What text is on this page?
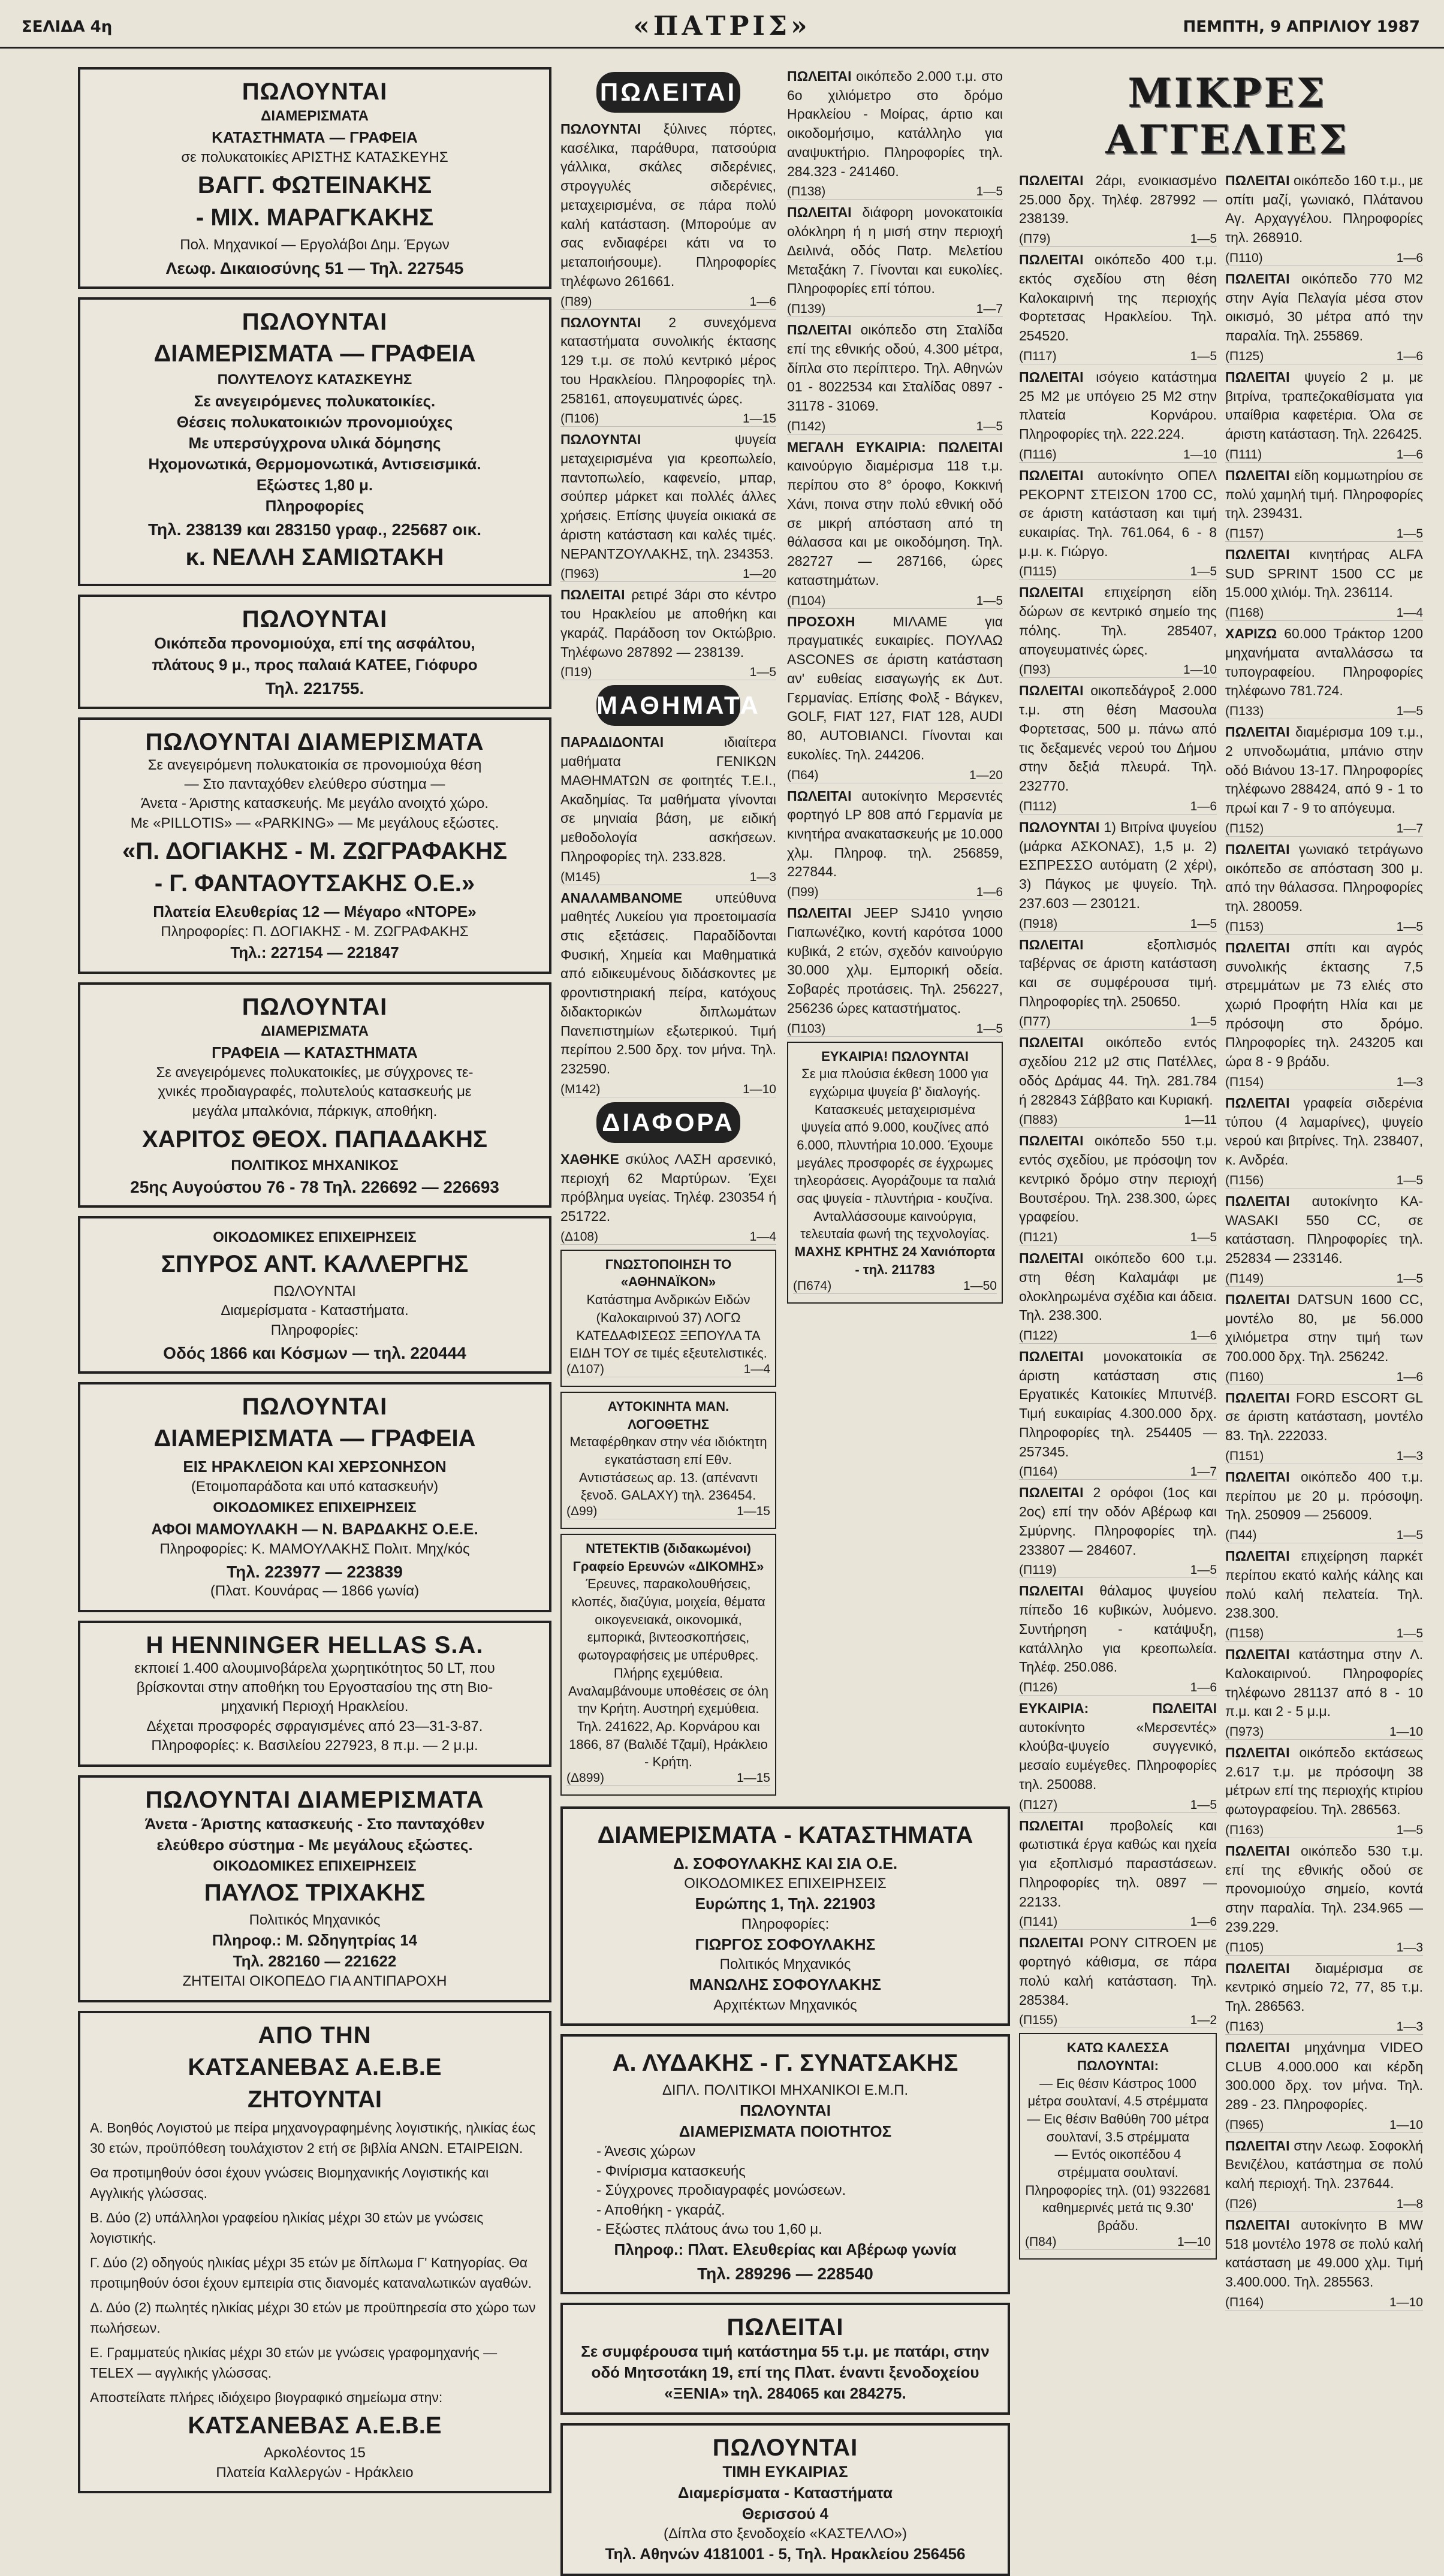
ΣΕΛΙΔΑ 4η	«ΠΑΤΡΙΣ»	ΠΕΜΠΤΗ, 9 ΑΠΡΙΛΙΟΥ 1987
ΠΩΛΟΥΝΤΑΙ
ΔΙΑΜΕΡΙΣΜΑΤΑ
ΚΑΤΑΣΤΗΜΑΤΑ — ΓΡΑΦΕΙΑ
σε πολυκατοικίες ΑΡΙΣΤΗΣ ΚΑΤΑΣΚΕΥΗΣ
ΒΑΓΓ. ΦΩΤΕΙΝΑΚΗΣ
- ΜΙΧ. ΜΑΡΑΓΚΑΚΗΣ
Πολ. Μηχανικοί — Εργολάβοι Δημ. Έργων
Λεωφ. Δικαιοσύνης 51 — Τηλ. 227545
ΠΩΛΟΥΝΤΑΙ
ΔΙΑΜΕΡΙΣΜΑΤΑ — ΓΡΑΦΕΙΑ
ΠΟΛΥΤΕΛΟΥΣ ΚΑΤΑΣΚΕΥΗΣ
Σε ανεγειρόμενες πολυκατοικίες.
Θέσεις πολυκατοικιών προνομιούχες
Με υπερσύγχρονα υλικά δόμησης
Ηχομονωτικά, Θερμομονωτικά, Αντισεισμικά.
Εξώστες 1,80 μ.
Πληροφορίες
Τηλ. 238139 και 283150 γραφ., 225687 οικ.
κ. ΝΕΛΛΗ ΣΑΜΙΩΤΑΚΗ
ΠΩΛΟΥΝΤΑΙ
Οικόπεδα προνομιούχα, επί της ασφάλτου,
πλάτους 9 μ., προς παλαιά ΚΑΤΕΕ, Γιόφυρο
Τηλ. 221755.
ΠΩΛΟΥΝΤΑΙ ΔΙΑΜΕΡΙΣΜΑΤΑ
Σε ανεγειρόμενη πολυκατοικία σε προνομιούχα θέση
— Στο πανταχόθεν ελεύθερο σύστημα —
Άνετα - Άριστης κατασκευής. Με μεγάλο ανοιχτό χώρο.
Με «PILLOTIS» — «PARKING» — Με μεγάλους εξώστες.
«Π. ΔΟΓΙΑΚΗΣ - Μ. ΖΩΓΡΑΦΑΚΗΣ
- Γ. ΦΑΝΤΑΟΥΤΣΑΚΗΣ Ο.Ε.»
Πλατεία Ελευθερίας 12 — Μέγαρο «ΝΤΟΡΕ»
Πληροφορίες: Π. ΔΟΓΙΑΚΗΣ - Μ. ΖΩΓΡΑΦΑΚΗΣ
Τηλ.: 227154 — 221847
ΠΩΛΟΥΝΤΑΙ
ΔΙΑΜΕΡΙΣΜΑΤΑ
ΓΡΑΦΕΙΑ — ΚΑΤΑΣΤΗΜΑΤΑ
Σε ανεγειρόμενες πολυκατοικίες, με σύγχρονες τε-
χνικές προδιαγραφές, πολυτελούς κατασκευής με
μεγάλα μπαλκόνια, πάρκιγκ, αποθήκη.
ΧΑΡΙΤΟΣ ΘΕΟΧ. ΠΑΠΑΔΑΚΗΣ
ΠΟΛΙΤΙΚΟΣ ΜΗΧΑΝΙΚΟΣ
25ης Αυγούστου 76 - 78 Τηλ. 226692 — 226693
ΟΙΚΟΔΟΜΙΚΕΣ ΕΠΙΧΕΙΡΗΣΕΙΣ
ΣΠΥΡΟΣ ΑΝΤ. ΚΑΛΛΕΡΓΗΣ
ΠΩΛΟΥΝΤΑΙ
Διαμερίσματα - Καταστήματα.
Πληροφορίες:
Οδός 1866 και Κόσμων — τηλ. 220444
ΠΩΛΟΥΝΤΑΙ
ΔΙΑΜΕΡΙΣΜΑΤΑ — ΓΡΑΦΕΙΑ
ΕΙΣ ΗΡΑΚΛΕΙΟΝ ΚΑΙ ΧΕΡΣΟΝΗΣΟΝ
(Ετοιμοπαράδοτα και υπό κατασκευήν)
ΟΙΚΟΔΟΜΙΚΕΣ ΕΠΙΧΕΙΡΗΣΕΙΣ
ΑΦΟΙ ΜΑΜΟΥΛΑΚΗ — Ν. ΒΑΡΔΑΚΗΣ Ο.Ε.Ε.
Πληροφορίες: Κ. ΜΑΜΟΥΛΑΚΗΣ Πολιτ. Μηχ/κός
Τηλ. 223977 — 223839
(Πλατ. Κουνάρας — 1866 γωνία)
Η HENNINGER HELLAS S.A.
εκποιεί 1.400 αλουμινοβάρελα χωρητικότητος 50 LT, που
βρίσκονται στην αποθήκη του Εργοστασίου της στη Βιο-
μηχανική Περιοχή Ηρακλείου.
Δέχεται προσφορές σφραγισμένες από 23—31-3-87.
Πληροφορίες: κ. Βασιλείου 227923, 8 π.μ. — 2 μ.μ.
ΠΩΛΟΥΝΤΑΙ ΔΙΑΜΕΡΙΣΜΑΤΑ
Άνετα - Άριστης κατασκευής - Στο πανταχόθεν
ελεύθερο σύστημα - Με μεγάλους εξώστες.
ΟΙΚΟΔΟΜΙΚΕΣ ΕΠΙΧΕΙΡΗΣΕΙΣ
ΠΑΥΛΟΣ ΤΡΙΧΑΚΗΣ
Πολιτικός Μηχανικός
Πληροφ.: Μ. Ωδηγητρίας 14
Τηλ. 282160 — 221622
ΖΗΤΕΙΤΑΙ ΟΙΚΟΠΕΔΟ ΓΙΑ ΑΝΤΙΠΑΡΟΧΗ
ΑΠΟ ΤΗΝ
ΚΑΤΣΑΝΕΒΑΣ Α.Ε.Β.Ε
ΖΗΤΟΥΝΤΑΙ
Α. Βοηθός Λογιστού με πείρα μηχανογραφημένης λογιστικής, ηλικίας έως 30 ετών, προϋπόθεση τουλάχιστον 2 ετή σε βιβλία ΑΝΩΝ. ΕΤΑΙΡΕΙΩΝ.
Θα προτιμηθούν όσοι έχουν γνώσεις Βιομηχανικής Λογιστικής και Αγγλικής γλώσσας.
Β. Δύο (2) υπάλληλοι γραφείου ηλικίας μέχρι 30 ετών με γνώσεις λογιστικής.
Γ. Δύο (2) οδηγούς ηλικίας μέχρι 35 ετών με δίπλωμα Γ' Κατηγορίας. Θα προτιμηθούν όσοι έχουν εμπειρία στις διανομές καταναλωτικών αγαθών.
Δ. Δύο (2) πωλητές ηλικίας μέχρι 30 ετών με προϋπηρεσία στο χώρο των πωλήσεων.
Ε. Γραμματεύς ηλικίας μέχρι 30 ετών με γνώσεις γραφομηχανής — TELEX — αγγλικής γλώσσας.
Αποστείλατε πλήρες ιδιόχειρο βιογραφικό σημείωμα στην:
ΚΑΤΣΑΝΕΒΑΣ Α.Ε.Β.Ε
Αρκολέοντος 15
Πλατεία Καλλεργών - Ηράκλειο
ΠΩΛΕΙΤΑΙ
ΠΩΛΟΥΝΤΑΙ ξύλινες πόρτες, κασέλικα, παράθυρα, πατσούρια γάλλικα, σκάλες σιδερένιες, στρογγυλές σιδερένιες, μεταχειρισμένα, σε πάρα πολύ καλή κατάσταση. (Μπορούμε αν σας ενδιαφέρει κάτι να το μεταποιήσουμε). Πληροφορίες τηλέφωνο 261661.
(Π89)	1—6
ΠΩΛΟΥΝΤΑΙ 2 συνεχόμενα καταστήματα συνολικής έκτασης 129 τ.μ. σε πολύ κεντρικό μέρος του Ηρακλείου. Πληροφορίες τηλ. 258161, απογευματινές ώρες.
(Π106)	1—15
ΠΩΛΟΥΝΤΑΙ	ψυγεία μεταχειρισμένα για κρεοπωλείο, παντοπωλείο, καφενείο, μπαρ, σούπερ μάρκετ και πολλές άλλες χρήσεις. Επίσης ψυγεία οικιακά σε άριστη κατάσταση και καλές τιμές. ΝΕΡΑΝΤΖΟΥΛΑΚΗΣ, τηλ. 234353.
(Π963)	1—20
ΠΩΛΕΙΤΑΙ ρετιρέ 3άρι στο κέντρο του Ηρακλείου με αποθήκη και γκαράζ. Παράδοση τον Οκτώβριο. Τηλέφωνο 287892 — 238139.
(Π19)	1—5
ΜΑΘΗΜΑΤΑ
ΠΑΡΑΔΙΔΟΝΤΑΙ	ιδιαίτερα μαθήματα ΓΕΝΙΚΩΝ ΜΑΘΗΜΑΤΩΝ σε φοιτητές Τ.Ε.Ι., Ακαδημίας. Τα μαθήματα γίνονται σε μηνιαία βάση, με ειδική μεθοδολογία ασκήσεων. Πληροφορίες τηλ. 233.828.
(Μ145)	1—3
ΑΝΑΛΑΜΒΑΝΟΜΕ υπεύθυνα μαθητές Λυκείου για προετοιμασία στις εξετάσεις. Παραδίδονται Φυσική, Χημεία και Μαθηματικά από ειδικευμένους διδάσκοντες με φροντιστηριακή πείρα, κατόχους διδακτορικών διπλωμάτων Πανεπιστημίων εξωτερικού. Τιμή περίπου 2.500 δρχ. τον μήνα. Τηλ. 232590.
(Μ142)	1—10
ΔΙΑΦΟΡΑ
ΧΑΘΗΚΕ σκύλος ΛΑΣΗ αρσενικό, περιοχή 62 Μαρτύρων. Έχει πρόβλημα υγείας. Τηλέφ. 230354 ή 251722.
(Δ108)	1—4
ΓΝΩΣΤΟΠΟΙΗΣΗ ΤΟ «ΑΘΗΝΑΪΚΟΝ»
Κατάστημα Ανδρικών Ειδών (Καλοκαιρινού 37) ΛΟΓΩ ΚΑΤΕΔΑΦΙΣΕΩΣ ΞΕΠΟΥΛΑ ΤΑ ΕΙΔΗ ΤΟΥ σε τιμές εξευτελιστικές.
(Δ107)	1—4
ΑΥΤΟΚΙΝΗΤΑ ΜΑΝ. ΛΟΓΟΘΕΤΗΣ
Μεταφέρθηκαν στην νέα ιδιόκτητη εγκατάσταση επί Εθν. Αντιστάσεως αρ. 13. (απέναντι ξενοδ. GALAXY) τηλ. 236454.
(Δ99)	1—15
ΝΤΕΤΕΚΤΙΒ (διδακωμένοι) Γραφείο Ερευνών «ΔΙΚΟΜΗΣ»
Έρευνες, παρακολουθήσεις, κλοπές, διαζύγια, μοιχεία, θέματα οικογενειακά, οικονομικά, εμπορικά, βιντεοσκοπήσεις, φωτογραφήσεις με υπέρυθρες. Πλήρης εχεμύθεια. Αναλαμβάνουμε υποθέσεις σε όλη την Κρήτη. Αυστηρή εχεμύθεια. Τηλ. 241622, Αρ. Κορνάρου και 1866, 87 (Βαλιδέ Τζαμί), Ηράκλειο - Κρήτη.
(Δ899)	1—15
ΠΩΛΕΙΤΑΙ οικόπεδο 2.000 τ.μ. στο 6ο χιλιόμετρο στο δρόμο Ηρακλείου - Μοίρας, άρτιο και οικοδομήσιμο, κατάλληλο για αναψυκτήριο. Πληροφορίες τηλ. 284.323 - 241460.
(Π138)	1—5
ΠΩΛΕΙΤΑΙ διάφορη μονοκατοικία ολόκληρη ή η μισή στην περιοχή Δειλινά, οδός Πατρ. Μελετίου Μεταξάκη 7. Γίνονται και ευκολίες. Πληροφορίες επί τόπου.
(Π139)	1—7
ΠΩΛΕΙΤΑΙ οικόπεδο στη Σταλίδα επί της εθνικής οδού, 4.300 μέτρα, δίπλα στο περίπτερο. Τηλ. Αθηνών 01 - 8022534 και Σταλίδας 0897 - 31178 - 31069.
(Π142)	1—5
ΜΕΓΑΛΗ ΕΥΚΑΙΡΙΑ: ΠΩΛΕΙΤΑΙ καινούργιο διαμέρισμα 118 τ.μ. περίπου στο 8° όροφο, Κοκκινή Χάνι, ποινα στην πολύ εθνική οδό σε μικρή απόσταση από τη θάλασσα και με οικοδόμηση. Τηλ. 282727 — 287166, ώρες καταστημάτων.
(Π104)	1—5
ΠΡΟΣΟΧΗ	ΜΙΛΑΜΕ για πραγματικές ευκαιρίες. ΠΟΥΛΑΩ ASCONES σε άριστη κατάσταση αν' ευθείας εισαγωγής εκ Δυτ. Γερμανίας. Επίσης Φολξ - Βάγκεν, GOLF, FIAT 127, FIAT 128, AUDI 80, AUTOBIANCI. Γίνονται και ευκολίες. Τηλ. 244206.
(Π64)	1—20
ΠΩΛΕΙΤΑΙ αυτοκίνητο Μερσεντές φορτηγό LP 808 από Γερμανία με κινητήρα ανακατασκευής με 10.000 χλμ. Πληροφ. τηλ. 256859, 227844.
(Π99)	1—6
ΠΩΛΕΙΤΑΙ JEEP SJ410 γνησιο Γιαπωνέζικο, κοντή καρότσα 1000 κυβικά, 2 ετών, σχεδόν καινούργιο 30.000 χλμ. Εμπορική οδεία. Σοβαρές προτάσεις. Τηλ. 256227, 256236 ώρες καταστήματος.
(Π103)	1—5
ΕΥΚΑΙΡΙΑ! ΠΩΛΟΥΝΤΑΙ
Σε μια πλούσια έκθεση 1000 για εγχώριμα ψυγεία β' διαλογής. Κατασκευές μεταχειρισμένα ψυγεία από 9.000, κουζίνες από 6.000, πλυντήρια 10.000. Έχουμε μεγάλες προσφορές σε έγχρωμες τηλεοράσεις. Αγοράζουμε τα παλιά σας ψυγεία - πλυντήρια - κουζίνα. Ανταλλάσσουμε καινούργια, τελευταία φωνή της τεχνολογίας.
ΜΑΧΗΣ ΚΡΗΤΗΣ 24 Χανιόπορτα - τηλ. 211783
(Π674)	1—50
ΔΙΑΜΕΡΙΣΜΑΤΑ - ΚΑΤΑΣΤΗΜΑΤΑ
Δ. ΣΟΦΟΥΛΑΚΗΣ ΚΑΙ ΣΙΑ Ο.Ε.
ΟΙΚΟΔΟΜΙΚΕΣ ΕΠΙΧΕΙΡΗΣΕΙΣ
Ευρώπης 1, Τηλ. 221903
Πληροφορίες:
ΓΙΩΡΓΟΣ ΣΟΦΟΥΛΑΚΗΣ
Πολιτικός Μηχανικός
ΜΑΝΩΛΗΣ ΣΟΦΟΥΛΑΚΗΣ
Αρχιτέκτων Μηχανικός
Α. ΛΥΔΑΚΗΣ - Γ. ΣΥΝΑΤΣΑΚΗΣ
ΔΙΠΛ. ΠΟΛΙΤΙΚΟΙ ΜΗΧΑΝΙΚΟΙ Ε.Μ.Π.
ΠΩΛΟΥΝΤΑΙ
ΔΙΑΜΕΡΙΣΜΑΤΑ ΠΟΙΟΤΗΤΟΣ
- Άνεσις χώρων
- Φινίρισμα κατασκευής
- Σύγχρονες προδιαγραφές μονώσεων.
- Αποθήκη - γκαράζ.
- Εξώστες πλάτους άνω του 1,60 μ.
Πληροφ.: Πλατ. Ελευθερίας και Αβέρωφ γωνία
Τηλ. 289296 — 228540
ΠΩΛΕΙΤΑΙ
Σε συμφέρουσα τιμή κατάστημα 55 τ.μ. με πατάρι, στην οδό Μητσοτάκη 19, επί της Πλατ. έναντι ξενοδοχείου «ΞΕΝΙΑ» τηλ. 284065 και 284275.
ΠΩΛΟΥΝΤΑΙ
ΤΙΜΗ ΕΥΚΑΙΡΙΑΣ
Διαμερίσματα - Καταστήματα
Θερισσού 4
(Δίπλα στο ξενοδοχείο «ΚΑΣΤΕΛΛΟ»)
Τηλ. Αθηνών 4181001 - 5, Τηλ. Ηρακλείου 256456
ΜΙΚΡΕΣ ΑΓΓΕΛΙΕΣ
ΠΩΛΕΙΤΑΙ 2άρι, ενοικιασμένο 25.000 δρχ. Τηλέφ. 287992 — 238139.
(Π79)	1—5
ΠΩΛΕΙΤΑΙ οικόπεδο 400 τ.μ. εκτός σχεδίου στη θέση Καλοκαιρινή της περιοχής Φορτετσας Ηρακλείου. Τηλ. 254520.
(Π117)	1—5
ΠΩΛΕΙΤΑΙ ισόγειο κατάστημα 25 Μ2 με υπόγειο 25 Μ2 στην πλατεία Κορνάρου. Πληροφορίες τηλ. 222.224.
(Π116)	1—10
ΠΩΛΕΙΤΑΙ αυτοκίνητο ΟΠΕΛ ΡΕΚΟΡΝΤ ΣΤΕΙΣΟΝ 1700 CC, σε άριστη κατάσταση και τιμή ευκαιρίας. Τηλ. 761.064, 6 - 8 μ.μ. κ. Γιώργο.
(Π115)	1—5
ΠΩΛΕΙΤΑΙ επιχείρηση είδη δώρων σε κεντρικό σημείο της πόλης. Τηλ. 285407, απογευματινές ώρες.
(Π93)	1—10
ΠΩΛΕΙΤΑΙ οικοπεδάγροξ 2.000 τ.μ. στη θέση Μασουλα Φορτετσας, 500 μ. πάνω από τις δεξαμενές νερού του Δήμου στην δεξιά πλευρά. Τηλ. 232770.
(Π112)	1—6
ΠΩΛΟΥΝΤΑΙ 1) Βιτρίνα ψυγείου (μάρκα ΑΣΚΟΝΑΣ), 1,5 μ. 2) ΕΣΠΡΕΣΣΟ αυτόματη (2 χέρι), 3) Πάγκος με ψυγείο. Τηλ. 237.603 — 230121.
(Π918)	1—5
ΠΩΛΕΙΤΑΙ	εξοπλισμός ταβέρνας σε άριστη κατάσταση και σε συμφέρουσα τιμή. Πληροφορίες τηλ. 250650.
(Π77)	1—5
ΠΩΛΕΙΤΑΙ οικόπεδο εντός σχεδίου 212 μ2 στις Πατέλλες, οδός Δράμας 44. Τηλ. 281.784 ή 282843 Σάββατο και Κυριακή.
(Π883)	1—11
ΠΩΛΕΙΤΑΙ οικόπεδο 550 τ.μ. εντός σχεδίου, με πρόσοψη τον κεντρικό δρόμο στην περιοχή Βουτσέρου. Τηλ. 238.300, ώρες γραφείου.
(Π121)	1—5
ΠΩΛΕΙΤΑΙ οικόπεδο 600 τ.μ. στη θέση Καλαμάφι με ολοκληρωμένα σχέδια και άδεια. Τηλ. 238.300.
(Π122)	1—6
ΠΩΛΕΙΤΑΙ μονοκατοικία σε άριστη κατάσταση στις Εργατικές Κατοικίες Μπυτνέβ. Τιμή ευκαιρίας 4.300.000 δρχ. Πληροφορίες τηλ. 254405 — 257345.
(Π164)	1—7
ΠΩΛΕΙΤΑΙ 2 ορόφοι (1ος και 2ος) επί την οδόν Αβέρωφ και Σμύρνης. Πληροφορίες τηλ. 233807 — 284607.
(Π119)	1—5
ΠΩΛΕΙΤΑΙ θάλαμος ψυγείου πίπεδο 16 κυβικών, λυόμενο. Συντήρηση - κατάψυξη, κατάλληλο για κρεοπωλεία. Τηλέφ. 250.086.
(Π126)	1—6
ΕΥΚΑΙΡΙΑ: ΠΩΛΕΙΤΑΙ αυτοκίνητο «Μερσεντές» κλούβα-ψυγείο συγγενικό, μεσαίο ευμέγεθες. Πληροφορίες τηλ. 250088.
(Π127)	1—5
ΠΩΛΕΙΤΑΙ προβολείς και φωτιστικά έργα καθώς και ηχεία για εξοπλισμό παραστάσεων. Πληροφορίες τηλ. 0897 — 22133.
(Π141)	1—6
ΠΩΛΕΙΤΑΙ PONY CITROEN με φορτηγό κάθισμα, σε πάρα πολύ καλή κατάσταση. Τηλ. 285384.
(Π155)	1—2
ΚΑΤΩ ΚΑΛΕΣΣΑ ΠΩΛΟΥΝΤΑΙ:
— Εις θέσιν Κάστρος 1000 μέτρα σουλτανί, 4.5 στρέμματα
— Εις θέσιν Βαθύθη 700 μέτρα σουλτανί, 3.5 στρέμματα
— Εντός οικοπέδου 4 στρέμματα σουλτανί.
Πληροφορίες τηλ. (01) 9322681 καθημερινές μετά τις 9.30' βράδυ.
(Π84)	1—10
ΠΩΛΕΙΤΑΙ οικόπεδο 160 τ.μ., με οπίτι μαζί, γωνιακό, Πλάτανου Αγ. Αρχαγγέλου. Πληροφορίες τηλ. 268910.
(Π110)	1—6
ΠΩΛΕΙΤΑΙ οικόπεδο 770 Μ2 στην Αγία Πελαγία μέσα στον οικισμό, 30 μέτρα από την παραλία. Τηλ. 255869.
(Π125)	1—6
ΠΩΛΕΙΤΑΙ ψυγείο 2 μ. με βιτρίνα, τραπεζοκαθίσματα για υπαίθρια καφετέρια. Όλα σε άριστη κατάσταση. Τηλ. 226425.
(Π111)	1—6
ΠΩΛΕΙΤΑΙ είδη κομμωτηρίου σε πολύ χαμηλή τιμή. Πληροφορίες τηλ. 239431.
(Π157)	1—5
ΠΩΛΕΙΤΑΙ κινητήρας ALFA SUD SPRINT 1500 CC με 15.000 χιλιόμ. Τηλ. 236114.
(Π168)	1—4
ΧΑΡΙΖΩ 60.000 Τράκτορ 1200 μηχανήματα ανταλλάσσω τα τυπογραφείου. Πληροφορίες τηλέφωνο 781.724.
(Π133)	1—5
ΠΩΛΕΙΤΑΙ διαμέρισμα 109 τ.μ., 2 υπνοδωμάτια, μπάνιο στην οδό Βιάνου 13-17. Πληροφορίες τηλέφωνο 288424, από 9 - 1 το πρωί και 7 - 9 το απόγευμα.
(Π152)	1—7
ΠΩΛΕΙΤΑΙ γωνιακό τετράγωνο οικόπεδο σε απόσταση 300 μ. από την θάλασσα. Πληροφορίες τηλ. 280059.
(Π153)	1—5
ΠΩΛΕΙΤΑΙ σπίτι και αγρός συνολικής έκτασης 7,5 στρεμμάτων με 73 ελιές στο χωριό Προφήτη Ηλία και με πρόσοψη στο δρόμο. Πληροφορίες τηλ. 243205 και ώρα 8 - 9 βράδυ.
(Π154)	1—3
ΠΩΛΕΙΤΑΙ γραφεία σιδερένια τύπου (4 λαμαρίνες), ψυγείο νερού και βιτρίνες. Τηλ. 238407, κ. Ανδρέα.
(Π156)	1—5
ΠΩΛΕΙΤΑΙ αυτοκίνητο ΚΑ-WASAKI 550 CC, σε κατάσταση. Πληροφορίες τηλ. 252834 — 233146.
(Π149)	1—5
ΠΩΛΕΙΤΑΙ DATSUN 1600 CC, μοντέλο 80, με 56.000 χιλιόμετρα στην τιμή των 700.000 δρχ. Τηλ. 256242.
(Π160)	1—6
ΠΩΛΕΙΤΑΙ FORD ESCORT GL σε άριστη κατάσταση, μοντέλο 83. Τηλ. 222033.
(Π151)	1—3
ΠΩΛΕΙΤΑΙ οικόπεδο 400 τ.μ. περίπου με 20 μ. πρόσοψη. Τηλ. 250909 — 256009.
(Π44)	1—5
ΠΩΛΕΙΤΑΙ επιχείρηση παρκέτ περίπου εκατό καλής κάλης και πολύ καλή πελατεία. Τηλ. 238.300.
(Π158)	1—5
ΠΩΛΕΙΤΑΙ κατάστημα στην Λ. Καλοκαιρινού. Πληροφορίες τηλέφωνο 281137 από 8 - 10 π.μ. και 2 - 5 μ.μ.
(Π973)	1—10
ΠΩΛΕΙΤΑΙ οικόπεδο εκτάσεως 2.617 τ.μ. με πρόσοψη 38 μέτρων επί της περιοχής κτιρίου φωτογραφείου. Τηλ. 286563.
(Π163)	1—5
ΠΩΛΕΙΤΑΙ οικόπεδο 530 τ.μ. επί της εθνικής οδού σε προνομιούχο σημείο, κοντά στην παραλία. Τηλ. 234.965 — 239.229.
(Π105)	1—3
ΠΩΛΕΙΤΑΙ διαμέρισμα σε κεντρικό σημείο 72, 77, 85 τ.μ. Τηλ. 286563.
(Π163)	1—3
ΠΩΛΕΙΤΑΙ μηχάνημα VIDEO CLUB 4.000.000 και κέρδη 300.000 δρχ. τον μήνα. Τηλ. 289 - 23. Πληροφορίες.
(Π965)	1—10
ΠΩΛΕΙΤΑΙ στην Λεωφ. Σοφοκλή Βενιζέλου, κατάστημα σε πολύ καλή περιοχή. Τηλ. 237644.
(Π26)	1—8
ΠΩΛΕΙΤΑΙ αυτοκίνητο B MW 518 μοντέλο 1978 σε πολύ καλή κατάσταση με 49.000 χλμ. Τιμή 3.400.000. Τηλ. 285563.
(Π164)	1—10
